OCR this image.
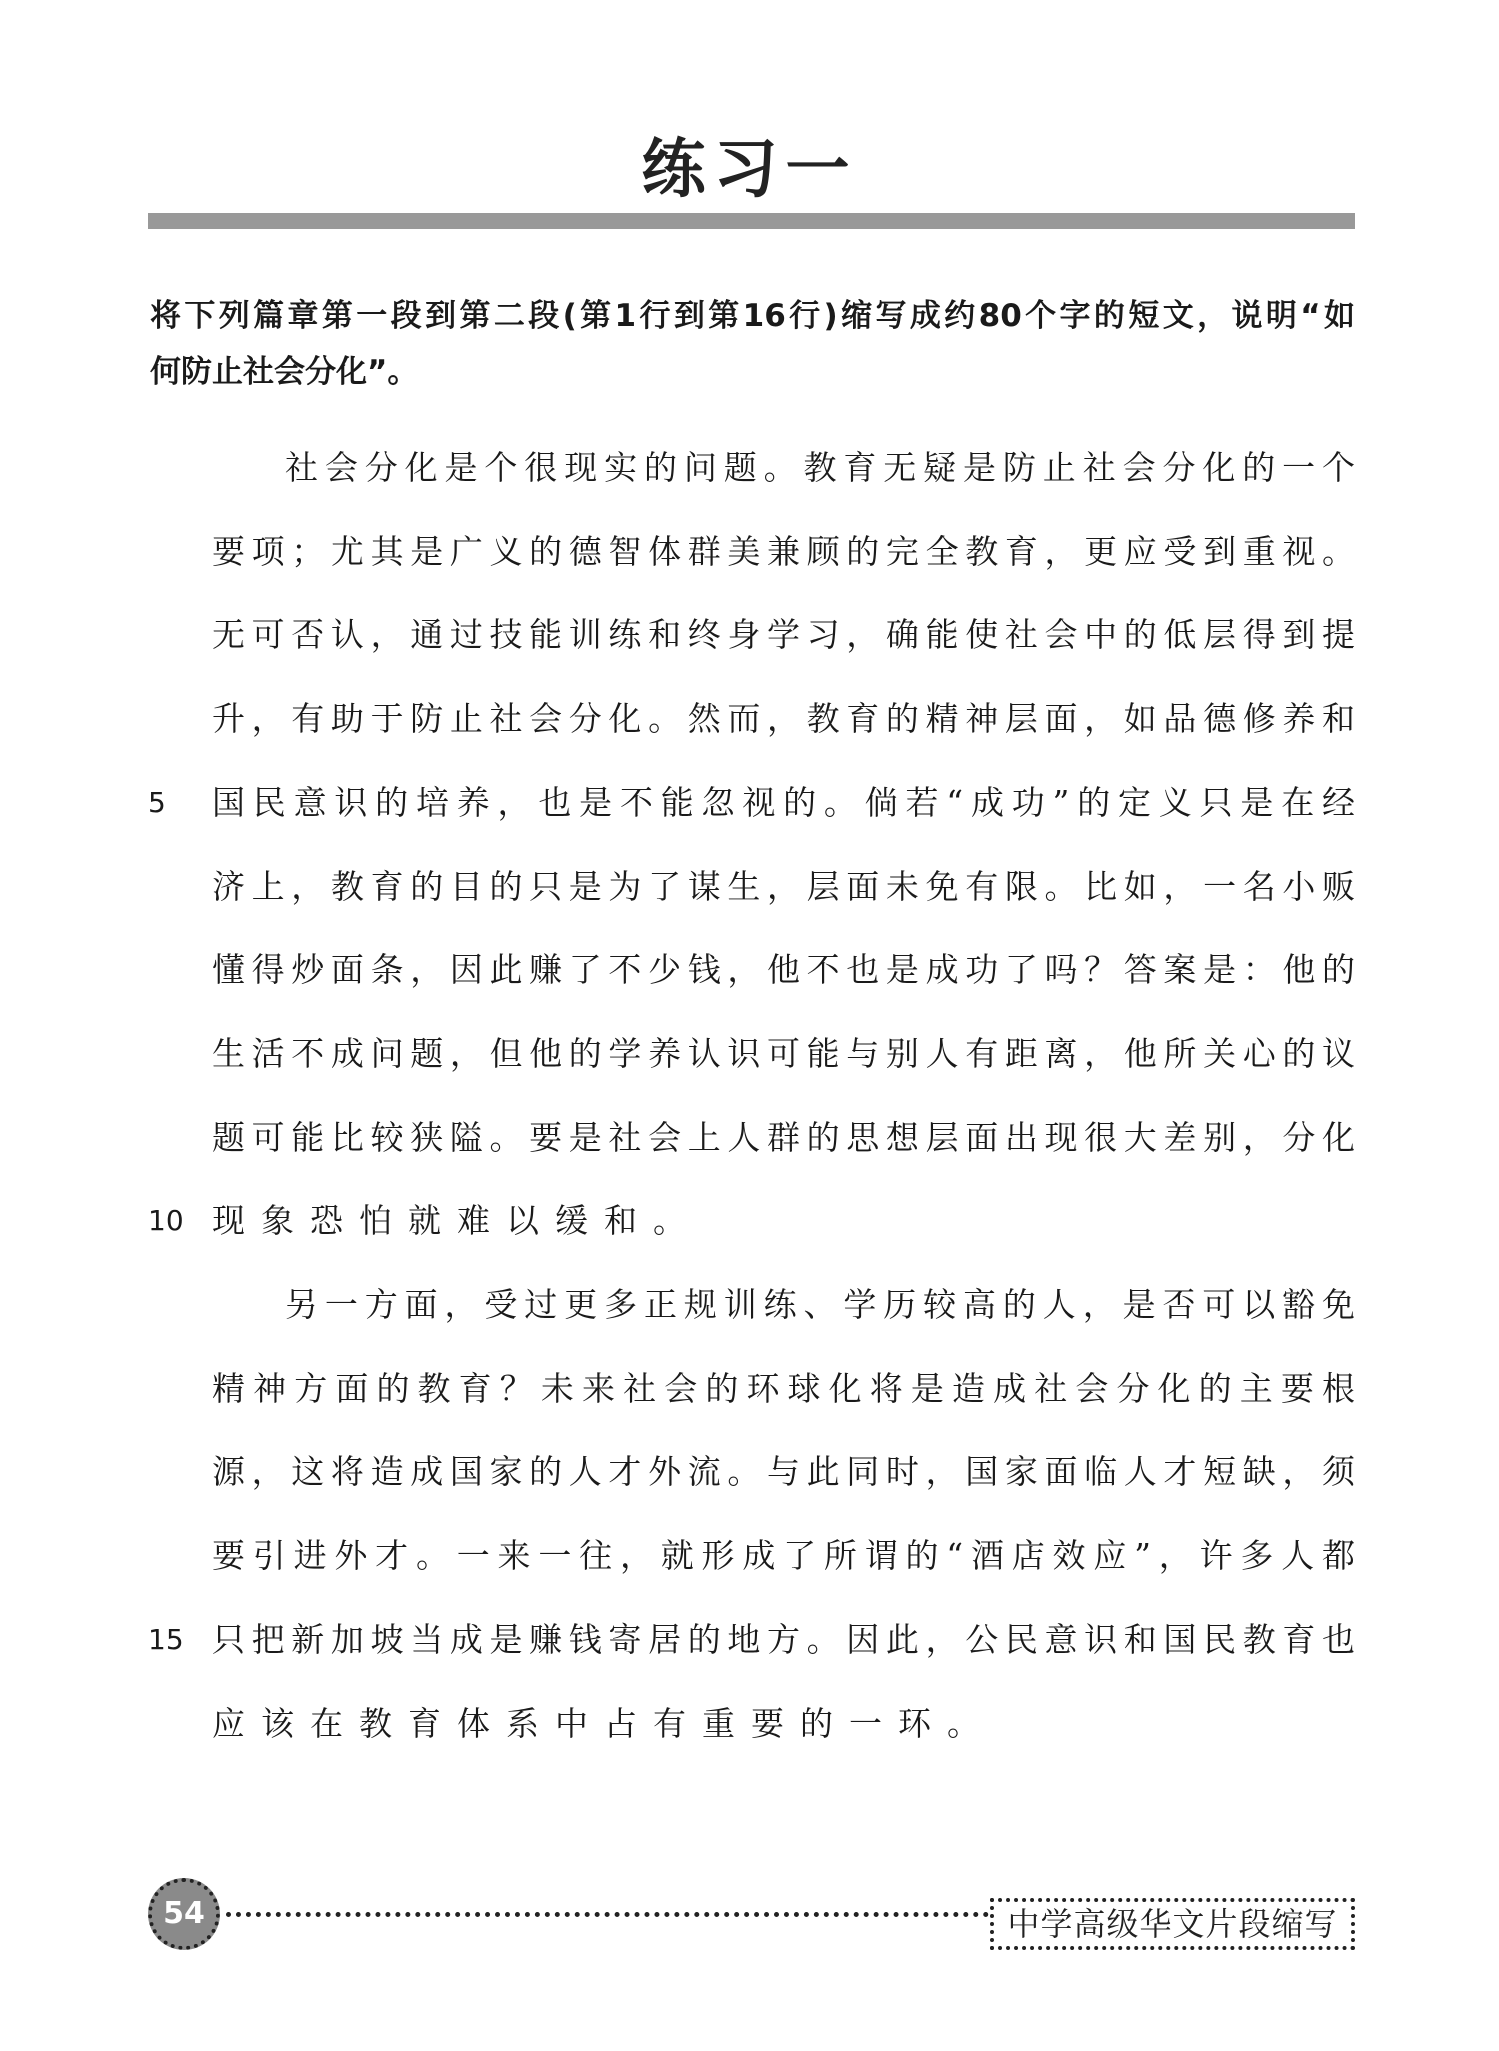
练习一
将下列篇章第一段到第二段(第1行到第16行)缩写成约80个字的短文，说明“如
何防止社会分化”。
社会分化是个很现实的问题。教育无疑是防止社会分化的一个
要项；尤其是广义的德智体群美兼顾的完全教育，更应受到重视。
无可否认，通过技能训练和终身学习，确能使社会中的低层得到提
升，有助于防止社会分化。然而，教育的精神层面，如品德修养和
国民意识的培养，也是不能忽视的。倘若“成功”的定义只是在经
5
济上，教育的目的只是为了谋生，层面未免有限。比如，一名小贩
懂得炒面条，因此赚了不少钱，他不也是成功了吗？答案是：他的
生活不成问题，但他的学养认识可能与别人有距离，他所关心的议
题可能比较狭隘。要是社会上人群的思想层面出现很大差别，分化
现象恐怕就难以缓和。
10
另一方面，受过更多正规训练、学历较高的人，是否可以豁免
精神方面的教育？未来社会的环球化将是造成社会分化的主要根
源，这将造成国家的人才外流。与此同时，国家面临人才短缺，须
要引进外才。一来一往，就形成了所谓的“酒店效应”，许多人都
只把新加坡当成是赚钱寄居的地方。因此，公民意识和国民教育也
15
应该在教育体系中占有重要的一环。
54	中学高级华文片段缩写
